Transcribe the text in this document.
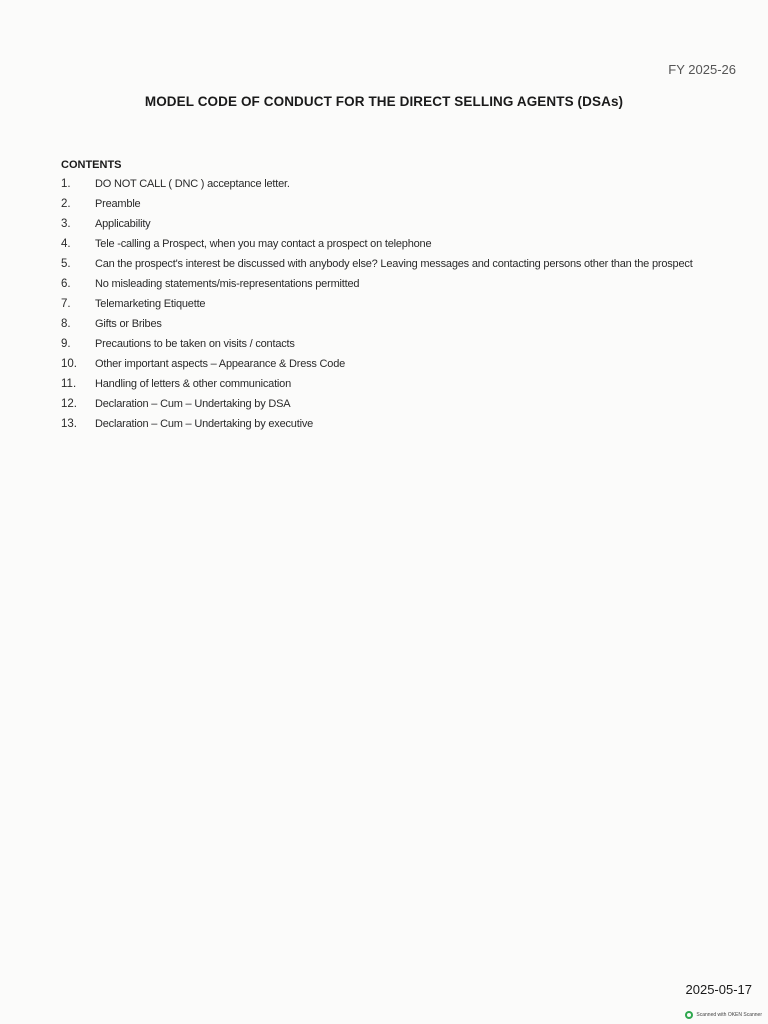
FY 2025-26
MODEL CODE OF CONDUCT FOR THE DIRECT SELLING AGENTS (DSAs)
CONTENTS
1.	DO NOT CALL ( DNC ) acceptance letter.
2.	Preamble
3.	Applicability
4.	Tele -calling a Prospect, when you may contact a prospect on telephone
5.	Can the prospect's interest be discussed with anybody else? Leaving messages and contacting persons other than the prospect
6.	No misleading statements/mis-representations permitted
7.	Telemarketing Etiquette
8.	Gifts or Bribes
9.	Precautions to be taken on visits / contacts
10.	Other important aspects – Appearance & Dress Code
11.	Handling of letters & other communication
12.	Declaration – Cum – Undertaking by DSA
13.	Declaration – Cum – Undertaking by executive
2025-05-17
Scanned with OKEN Scanner
